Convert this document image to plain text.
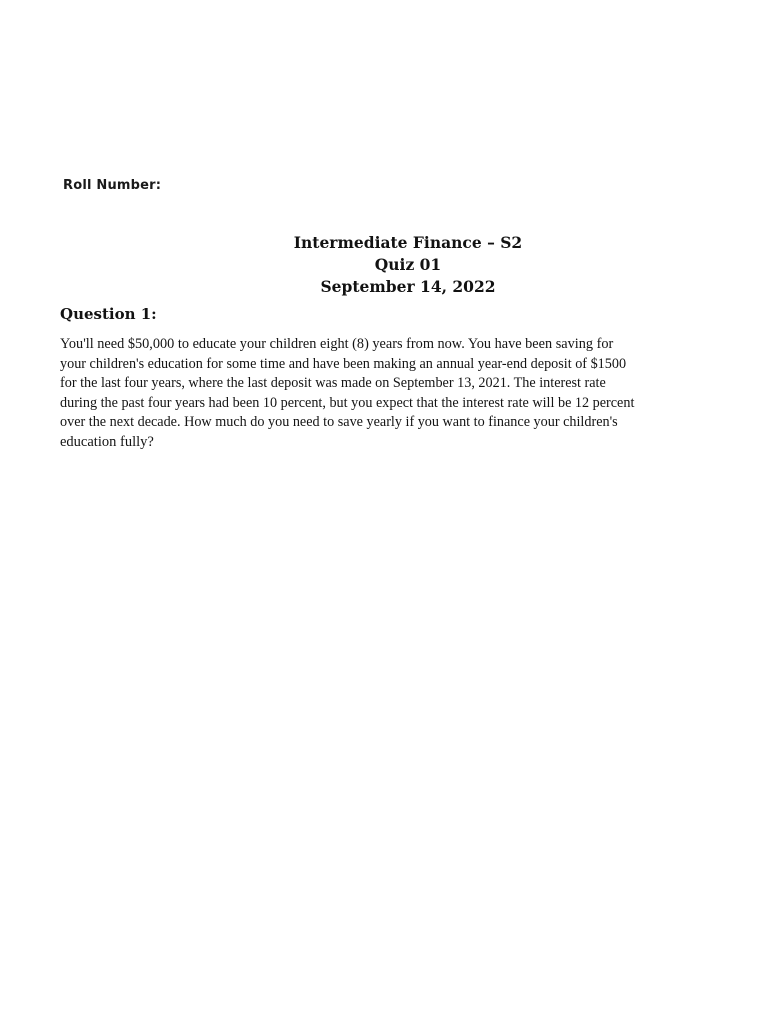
Roll Number:
Intermediate Finance – S2
Quiz 01
September 14, 2022
Question 1:
You'll need $50,000 to educate your children eight (8) years from now. You have been saving for
your children's education for some time and have been making an annual year-end deposit of $1500
for the last four years, where the last deposit was made on September 13, 2021. The interest rate
during the past four years had been 10 percent, but you expect that the interest rate will be 12 percent
over the next decade. How much do you need to save yearly if you want to finance your children's
education fully?
